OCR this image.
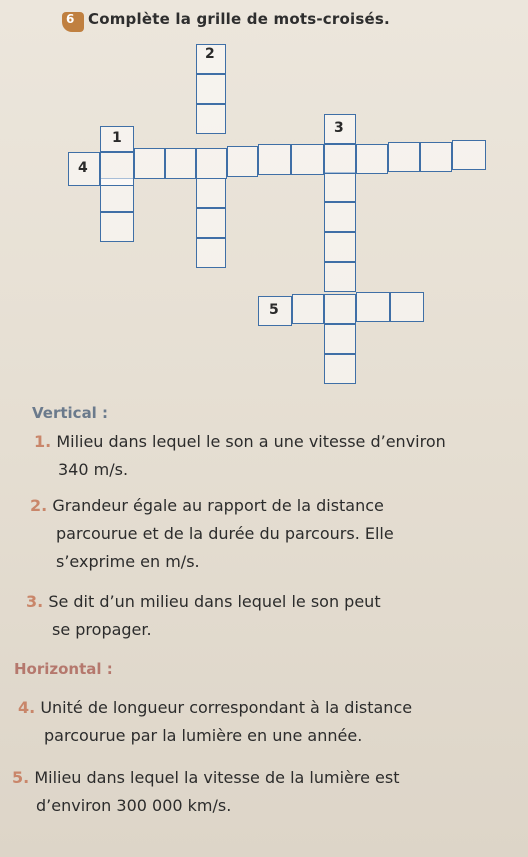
6 Complète la grille de mots-croisés.
2
1
3
4
5
Vertical :
1. Milieu dans lequel le son a une vitesse d’environ
340 m/s.
2. Grandeur égale au rapport de la distance
parcourue et de la durée du parcours. Elle
s’exprime en m/s.
3. Se dit d’un milieu dans lequel le son peut
se propager.
Horizontal :
4. Unité de longueur correspondant à la distance
parcourue par la lumière en une année.
5. Milieu dans lequel la vitesse de la lumière est
d’environ 300 000 km/s.
